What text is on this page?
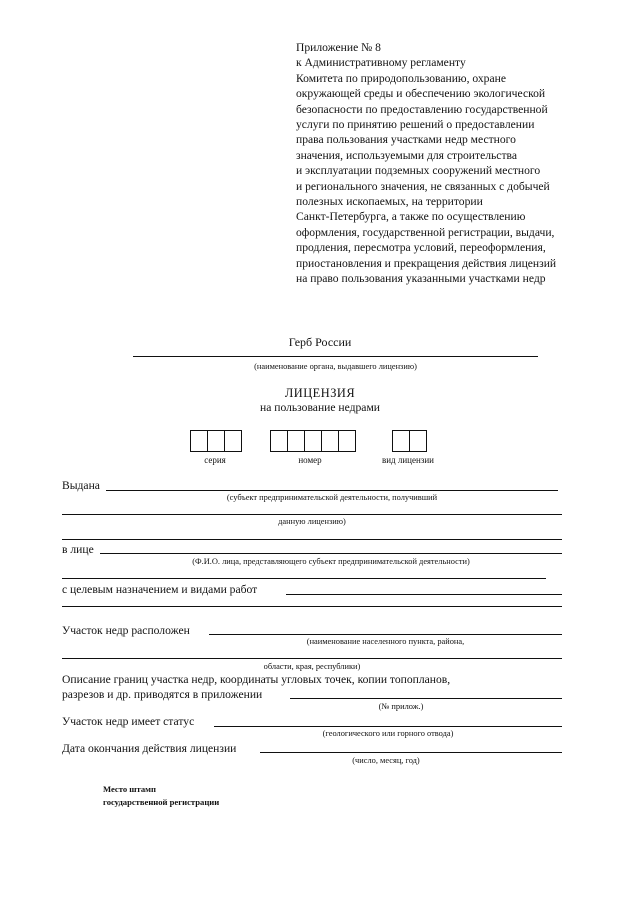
Приложение № 8
к Административному регламенту
Комитета по природопользованию, охране
окружающей среды и обеспечению экологической
безопасности по предоставлению государственной
услуги по принятию решений о предоставлении
права пользования участками недр местного
значения, используемыми для строительства
и эксплуатации подземных сооружений местного
и регионального значения, не связанных с добычей
полезных ископаемых, на территории
Санкт-Петербурга, а также по осуществлению
оформления, государственной регистрации, выдачи,
продления, пересмотра условий, переоформления,
приостановления и прекращения действия лицензий
на право пользования указанными участками недр
Герб России
(наименование органа, выдавшего лицензию)
ЛИЦЕНЗИЯ
на пользование недрами
серия	номер	вид лицензии
Выдана
(субъект предпринимательской деятельности, получивший
данную лицензию)
в лице
(Ф.И.О. лица, представляющего субъект предпринимательской деятельности)
с целевым назначением и видами работ
Участок недр расположен
(наименование населенного пункта, района,
области, края, республики)
Описание границ участка недр, координаты угловых точек, копии топопланов,
разрезов и др. приводятся в приложении
(№ прилож.)
Участок недр имеет статус
(геологического или горного отвода)
Дата окончания действия лицензии
(число, месяц, год)
Место штамп
государственной регистрации
